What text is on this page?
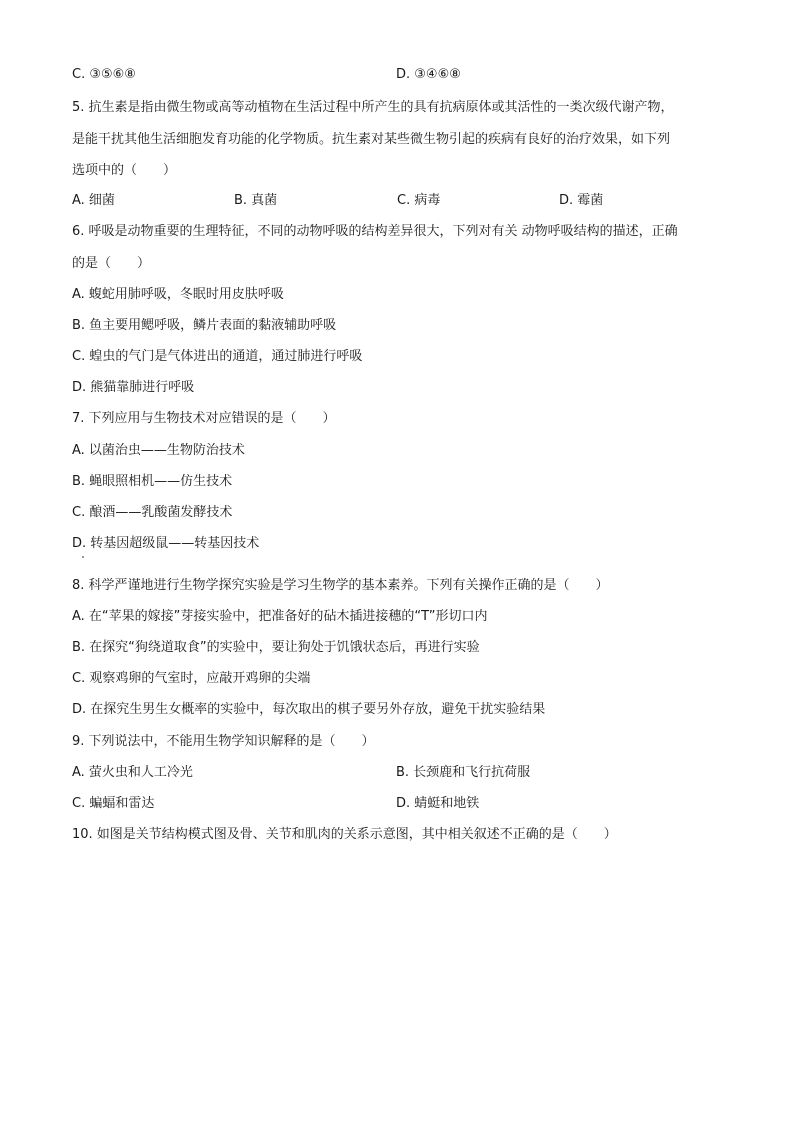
C. ③⑤⑥⑧	D. ③④⑥⑧
5. 抗生素是指由微生物或高等动植物在生活过程中所产生的具有抗病原体或其活性的一类次级代谢产物，
是能干扰其他生活细胞发育功能的化学物质。抗生素对某些微生物引起的疾病有良好的治疗效果，如下列
选项中的（　　）
A. 细菌	B. 真菌	C. 病毒	D. 霉菌
6. 呼吸是动物重要的生理特征，不同的动物呼吸的结构差异很大，下列对有关 动物呼吸结构的描述，正确
的是（　　）
A. 蝮蛇用肺呼吸，冬眠时用皮肤呼吸
B. 鱼主要用鳃呼吸，鳞片表面的黏液辅助呼吸
C. 蝗虫的气门是气体进出的通道，通过肺进行呼吸
D. 熊猫靠肺进行呼吸
7. 下列应用与生物技术对应错误的是（　　）
A. 以菌治虫——生物防治技术
B. 蝇眼照相机——仿生技术
C. 酿酒——乳酸菌发酵技术
D. 转基因超级鼠——转基因技术
8. 科学严谨地进行生物学探究实验是学习生物学的基本素养。下列有关操作正确的是（　　）
A. 在“苹果的嫁接”芽接实验中，把准备好的砧木插进接穗的“T”形切口内
B. 在探究“狗绕道取食”的实验中，要让狗处于饥饿状态后，再进行实验
C. 观察鸡卵的气室时，应敲开鸡卵的尖端
D. 在探究生男生女概率的实验中，每次取出的棋子要另外存放，避免干扰实验结果
9. 下列说法中，不能用生物学知识解释的是（　　）
A. 萤火虫和人工冷光	B. 长颈鹿和飞行抗荷服
C. 蝙蝠和雷达	D. 蜻蜓和地铁
10. 如图是关节结构模式图及骨、关节和肌肉的关系示意图，其中相关叙述不正确的是（　　）
